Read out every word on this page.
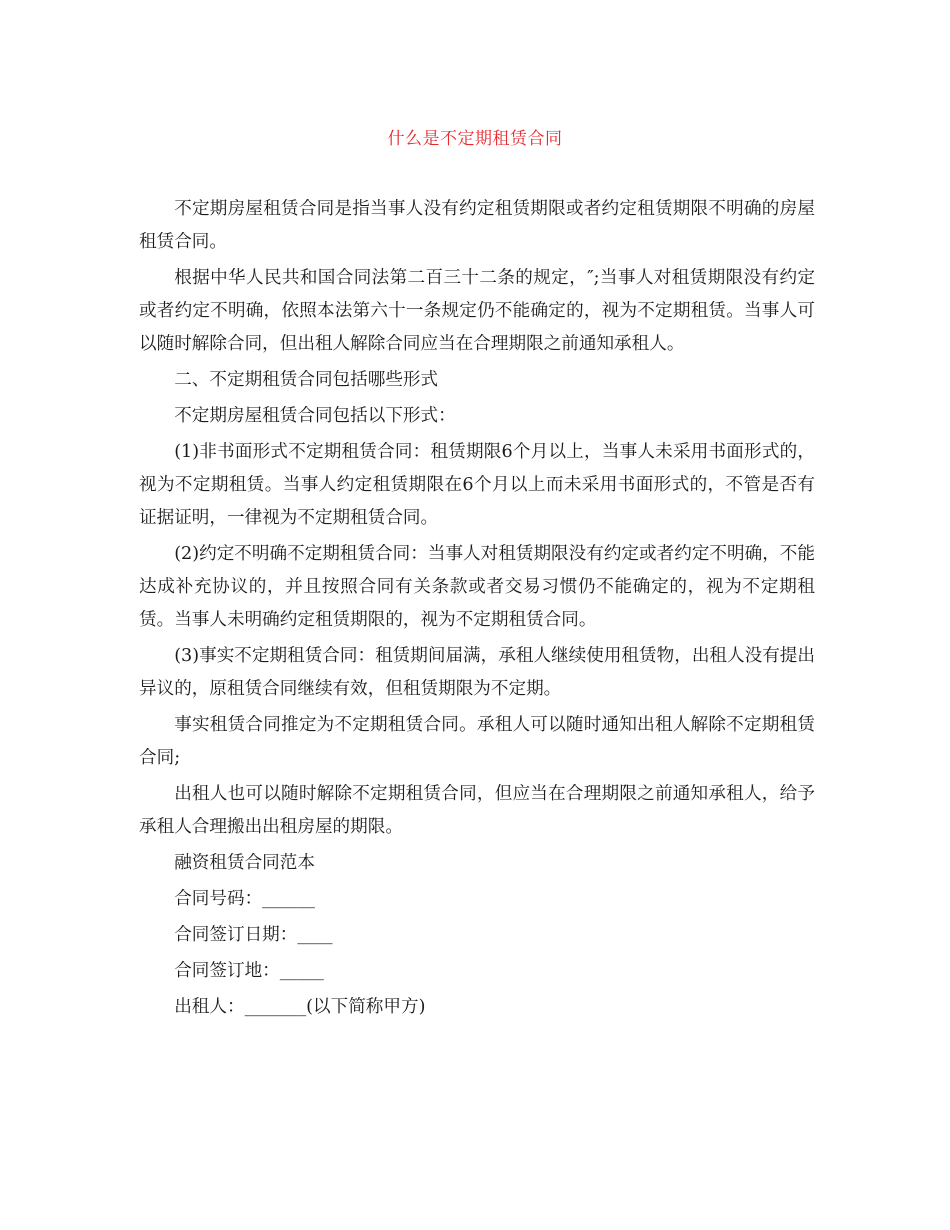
什么是不定期租赁合同

不定期房屋租赁合同是指当事人没有约定租赁期限或者约定租赁期限不明确的房屋租赁合同。

根据中华人民共和国合同法第二百三十二条的规定，″;当事人对租赁期限没有约定或者约定不明确，依照本法第六十一条规定仍不能确定的，视为不定期租赁。当事人可以随时解除合同，但出租人解除合同应当在合理期限之前通知承租人。

二、不定期租赁合同包括哪些形式

不定期房屋租赁合同包括以下形式：

(1)非书面形式不定期租赁合同：租赁期限6个月以上，当事人未采用书面形式的，视为不定期租赁。当事人约定租赁期限在6个月以上而未采用书面形式的，不管是否有证据证明，一律视为不定期租赁合同。

(2)约定不明确不定期租赁合同：当事人对租赁期限没有约定或者约定不明确，不能达成补充协议的，并且按照合同有关条款或者交易习惯仍不能确定的，视为不定期租赁。当事人未明确约定租赁期限的，视为不定期租赁合同。

(3)事实不定期租赁合同：租赁期间届满，承租人继续使用租赁物，出租人没有提出异议的，原租赁合同继续有效，但租赁期限为不定期。

事实租赁合同推定为不定期租赁合同。承租人可以随时通知出租人解除不定期租赁合同;

出租人也可以随时解除不定期租赁合同，但应当在合理期限之前通知承租人，给予承租人合理搬出出租房屋的期限。

融资租赁合同范本

合同号码：______

合同签订日期：____

合同签订地：_____

出租人：_______(以下简称甲方)
